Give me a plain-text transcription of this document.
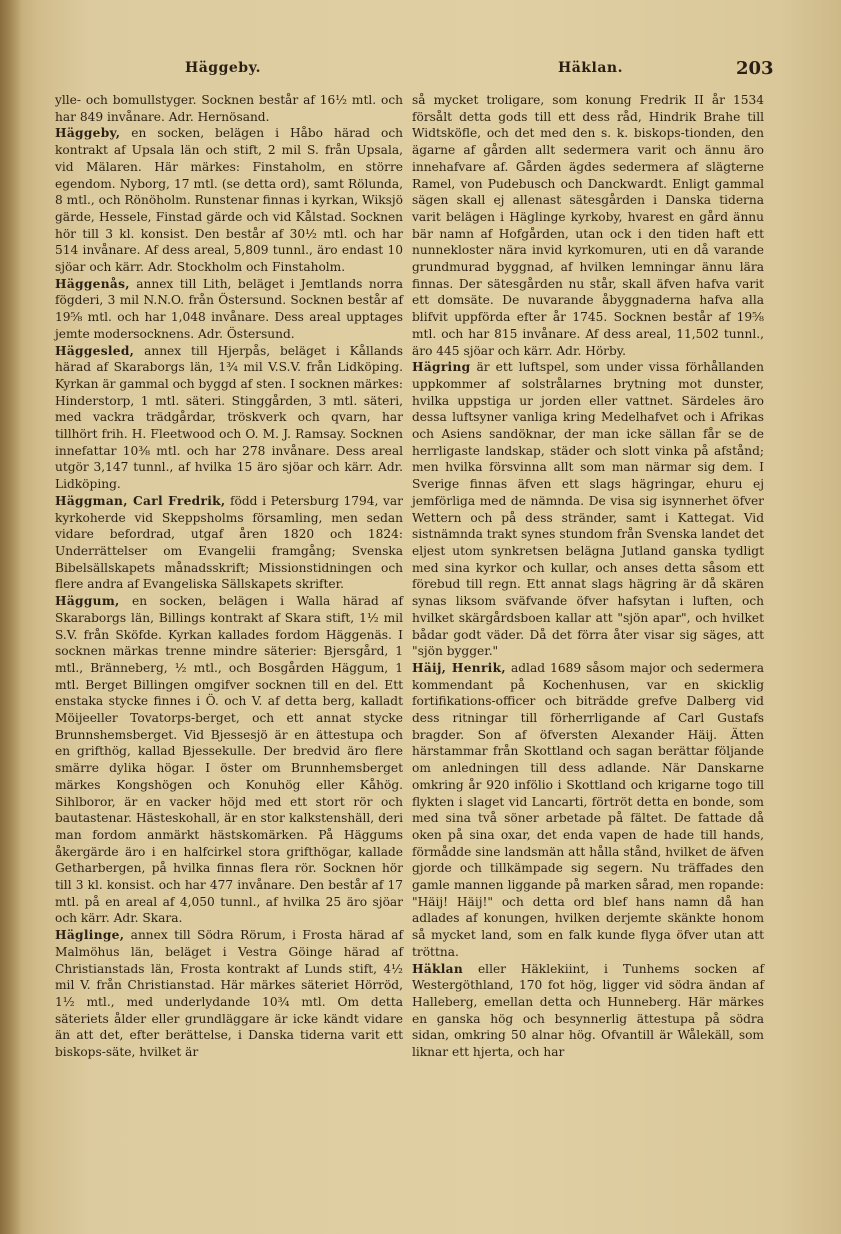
Häggeby.	Häklan.	203

ylle- och bomullstyger. Socknen består af 16½ mtl. och har 849 invånare. Adr. Hernösand.

Häggeby, en socken, belägen i Håbo härad och kontrakt af Upsala län och stift, 2 mil S. från Upsala, vid Mälaren. Här märkes: Finstaholm, en större egendom. Nyborg, 17 mtl. (se detta ord), samt Rölunda, 8 mtl., och Rönöholm. Runstenar finnas i kyrkan, Wiksjö gärde, Hessele, Finstad gärde och vid Kålstad. Socknen hör till 3 kl. konsist. Den består af 30½ mtl. och har 514 invånare. Af dess areal, 5,809 tunnl., äro endast 10 sjöar och kärr. Adr. Stockholm och Finstaholm.

Häggenås, annex till Lith, beläget i Jemtlands norra fögderi, 3 mil N.N.O. från Östersund. Socknen består af 19⅝ mtl. och har 1,048 invånare. Dess areal upptages jemte modersocknens. Adr. Östersund.

Häggesled, annex till Hjerpås, beläget i Kållands härad af Skaraborgs län, 1¾ mil V.S.V. från Lidköping. Kyrkan är gammal och byggd af sten. I socknen märkes: Hinderstorp, 1 mtl. säteri. Stinggården, 3 mtl. säteri, med vackra trädgårdar, tröskverk och qvarn, har tillhört frih. H. Fleetwood och O. M. J. Ramsay. Socknen innefattar 10⅜ mtl. och har 278 invånare. Dess areal utgör 3,147 tunnl., af hvilka 15 äro sjöar och kärr. Adr. Lidköping.

Häggman, Carl Fredrik, född i Petersburg 1794, var kyrkoherde vid Skeppsholms församling, men sedan vidare befordrad, utgaf åren 1820 och 1824: Underrättelser om Evangelii framgång; Svenska Bibelsällskapets månadsskrift; Missionstidningen och flere andra af Evangeliska Sällskapets skrifter.

Häggum, en socken, belägen i Walla härad af Skaraborgs län, Billings kontrakt af Skara stift, 1½ mil S.V. från Sköfde. Kyrkan kallades fordom Häggenäs. I socknen märkas trenne mindre säterier: Bjersgård, 1 mtl., Bränneberg, ½ mtl., och Bosgården Häggum, 1 mtl. Berget Billingen omgifver socknen till en del. Ett enstaka stycke finnes i Ö. och V. af detta berg, kalladt Möijeeller Tovatorps-berget, och ett annat stycke Brunnshemsberget. Vid Bjessesjö är en ättestupa och en grifthög, kallad Bjessekulle. Der bredvid äro flere smärre dylika högar. I öster om Brunnhemsberget märkes Kongshögen och Konuhög eller Kåhög. Sihlboror, är en vacker höjd med ett stort rör och bautastenar. Hästeskohall, är en stor kalkstenshäll, deri man fordom anmärkt hästskomärken. På Häggums åkergärde äro i en halfcirkel stora grifthögar, kallade Getharbergen, på hvilka finnas flera rör. Socknen hör till 3 kl. konsist. och har 477 invånare. Den består af 17 mtl. på en areal af 4,050 tunnl., af hvilka 25 äro sjöar och kärr. Adr. Skara.

Häglinge, annex till Södra Rörum, i Frosta härad af Malmöhus län, beläget i Vestra Göinge härad af Christianstads län, Frosta kontrakt af Lunds stift, 4½ mil V. från Christianstad. Här märkes säteriet Hörröd, 1½ mtl., med underlydande 10¾ mtl. Om detta säteriets ålder eller grundläggare är icke kändt vidare än att det, efter berättelse, i Danska tiderna varit ett biskops-säte, hvilket är

så mycket troligare, som konung Fredrik II år 1534 försålt detta gods till ett dess råd, Hindrik Brahe till Widtsköfle, och det med den s. k. biskops-tionden, den ägarne af gården allt sedermera varit och ännu äro innehafvare af. Gården ägdes sedermera af slägterne Ramel, von Pudebusch och Danckwardt. Enligt gammal sägen skall ej allenast sätesgården i Danska tiderna varit belägen i Häglinge kyrkoby, hvarest en gård ännu bär namn af Hofgården, utan ock i den tiden haft ett nunnekloster nära invid kyrkomuren, uti en då varande grundmurad byggnad, af hvilken lemningar ännu lära finnas. Der sätesgården nu står, skall äfven hafva varit ett domsäte. De nuvarande åbyggnaderna hafva alla blifvit uppförda efter år 1745. Socknen består af 19⅝ mtl. och har 815 invånare. Af dess areal, 11,502 tunnl., äro 445 sjöar och kärr. Adr. Hörby.

Hägring är ett luftspel, som under vissa förhållanden uppkommer af solstrålarnes brytning mot dunster, hvilka uppstiga ur jorden eller vattnet. Särdeles äro dessa luftsyner vanliga kring Medelhafvet och i Afrikas och Asiens sandöknar, der man icke sällan får se de herrligaste landskap, städer och slott vinka på afstånd; men hvilka försvinna allt som man närmar sig dem. I Sverige finnas äfven ett slags hägringar, ehuru ej jemförliga med de nämnda. De visa sig isynnerhet öfver Wettern och på dess stränder, samt i Kattegat. Vid sistnämnda trakt synes stundom från Svenska landet det eljest utom synkretsen belägna Jutland ganska tydligt med sina kyrkor och kullar, och anses detta såsom ett förebud till regn. Ett annat slags hägring är då skären synas liksom sväfvande öfver hafsytan i luften, och hvilket skärgårdsboen kallar att "sjön apar", och hvilket bådar godt väder. Då det förra åter visar sig säges, att "sjön bygger."

Häij, Henrik, adlad 1689 såsom major och sedermera kommendant på Kochenhusen, var en skicklig fortifikations-officer och biträdde grefve Dalberg vid dess ritningar till förherrligande af Carl Gustafs bragder. Son af öfversten Alexander Häij. Ätten härstammar från Skottland och sagan berättar följande om anledningen till dess adlande. När Danskarne omkring år 920 infölio i Skottland och krigarne togo till flykten i slaget vid Lancarti, förtröt detta en bonde, som med sina två söner arbetade på fältet. De fattade då oken på sina oxar, det enda vapen de hade till hands, förmådde sine landsmän att hålla stånd, hvilket de äfven gjorde och tillkämpade sig segern. Nu träffades den gamle mannen liggande på marken sårad, men ropande: "Häij! Häij!" och detta ord blef hans namn då han adlades af konungen, hvilken derjemte skänkte honom så mycket land, som en falk kunde flyga öfver utan att tröttna.

Häklan eller Häklekiint, i Tunhems socken af Westergöthland, 170 fot hög, ligger vid södra ändan af Halleberg, emellan detta och Hunneberg. Här märkes en ganska hög och besynnerlig ättestupa på södra sidan, omkring 50 alnar hög. Ofvantill är Wålekäll, som liknar ett hjerta, och har
